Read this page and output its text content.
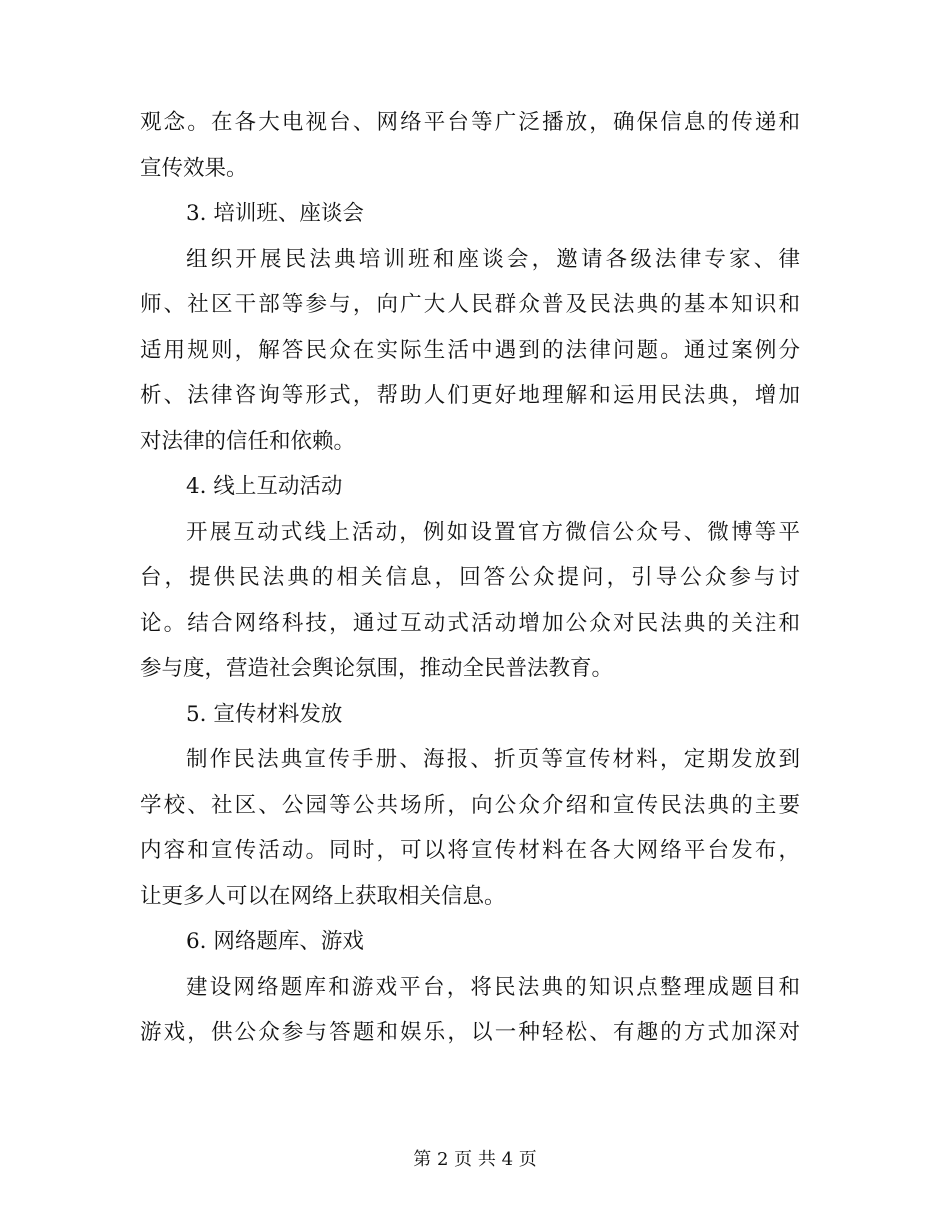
观念。在各大电视台、网络平台等广泛播放，确保信息的传递和
宣传效果。
3. 培训班、座谈会
组织开展民法典培训班和座谈会，邀请各级法律专家、律
师、社区干部等参与，向广大人民群众普及民法典的基本知识和
适用规则，解答民众在实际生活中遇到的法律问题。通过案例分
析、法律咨询等形式，帮助人们更好地理解和运用民法典，增加
对法律的信任和依赖。
4. 线上互动活动
开展互动式线上活动，例如设置官方微信公众号、微博等平
台，提供民法典的相关信息，回答公众提问，引导公众参与讨
论。结合网络科技，通过互动式活动增加公众对民法典的关注和
参与度，营造社会舆论氛围，推动全民普法教育。
5. 宣传材料发放
制作民法典宣传手册、海报、折页等宣传材料，定期发放到
学校、社区、公园等公共场所，向公众介绍和宣传民法典的主要
内容和宣传活动。同时，可以将宣传材料在各大网络平台发布，
让更多人可以在网络上获取相关信息。
6. 网络题库、游戏
建设网络题库和游戏平台，将民法典的知识点整理成题目和
游戏，供公众参与答题和娱乐，以一种轻松、有趣的方式加深对
第 2 页 共 4 页
